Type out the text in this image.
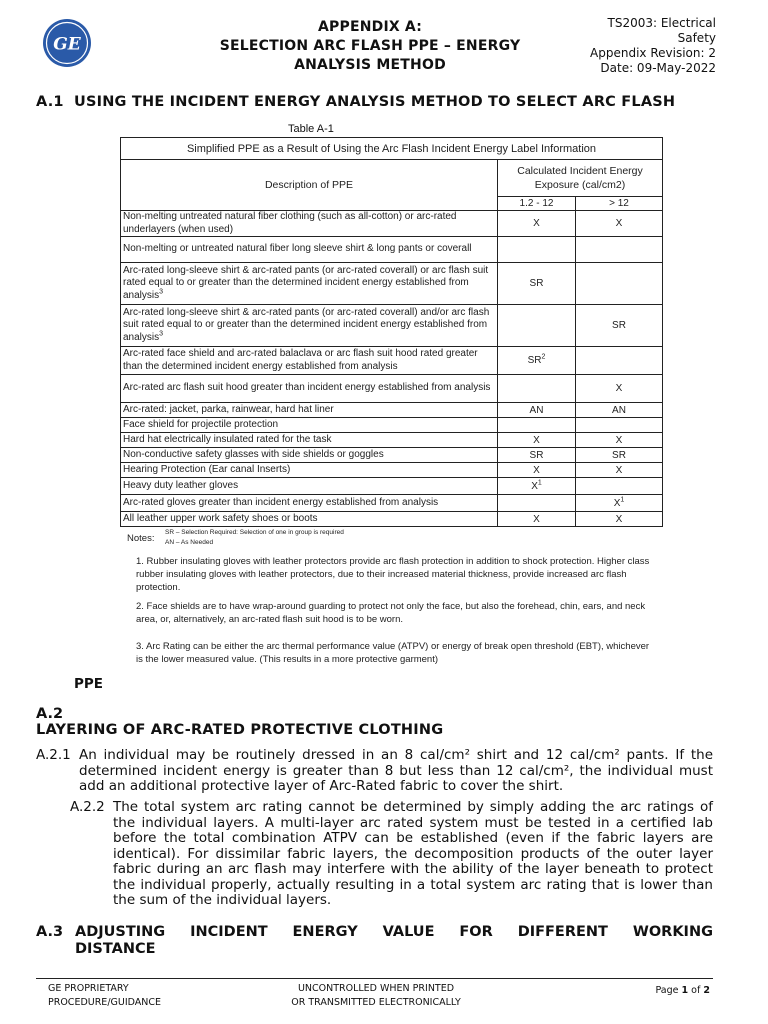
GE
APPENDIX A:
SELECTION ARC FLASH PPE – ENERGY
ANALYSIS METHOD
TS2003: Electrical
Safety
Appendix Revision: 2
Date: 09-May-2022
A.1 USING THE INCIDENT ENERGY ANALYSIS METHOD TO SELECT ARC FLASH
Table A-1
Simplified PPE as a Result of Using the Arc Flash Incident Energy Label Information		
Description of PPE	Calculated Incident Energy Exposure (cal/cm2)	
	1.2 - 12	> 12
Non-melting untreated natural fiber clothing (such as all-cotton) or arc-rated underlayers (when used)	X	X
Non-melting or untreated natural fiber long sleeve shirt & long pants or coverall		
Arc-rated long-sleeve shirt & arc-rated pants (or arc-rated coverall) or arc flash suit rated equal to or greater than the determined incident energy established from analysis$^3$	SR	
Arc-rated long-sleeve shirt & arc-rated pants (or arc-rated coverall) and/or arc flash suit rated equal to or greater than the determined incident energy established from analysis$^3$		SR
Arc-rated face shield and arc-rated balaclava or arc flash suit hood rated greater than the determined incident energy established from analysis	$SR^2$	
Arc-rated arc flash suit hood greater than incident energy established from analysis		X
Arc-rated: jacket, parka, rainwear, hard hat liner	AN	AN
Face shield for projectile protection		
Hard hat electrically insulated rated for the task	X	X
Non-conductive safety glasses with side shields or goggles	SR	SR
Hearing Protection (Ear canal Inserts)	X	X
Heavy duty leather gloves	$X^1$	
Arc-rated gloves greater than incident energy established from analysis		$X^1$
All leather upper work safety shoes or boots	X	X
Notes:
SR – Selection Required: Selection of one in group is required
AN – As Needed
1. Rubber insulating gloves with leather protectors provide arc flash protection in addition to shock protection. Higher class rubber insulating gloves with leather protectors, due to their increased material thickness, provide increased arc flash protection.
2. Face shields are to have wrap-around guarding to protect not only the face, but also the forehead, chin, ears, and neck area, or, alternatively, an arc-rated flash suit hood is to be worn.
3. Arc Rating can be either the arc thermal performance value (ATPV) or energy of break open threshold (EBT), whichever is the lower measured value. (This results in a more protective garment)
PPE
A.2
LAYERING OF ARC-RATED PROTECTIVE CLOTHING
A.2.1 An individual may be routinely dressed in an 8 cal/cm² shirt and 12 cal/cm² pants. If the determined incident energy is greater than 8 but less than 12 cal/cm², the individual must add an additional protective layer of Arc-Rated fabric to cover the shirt.
A.2.2 The total system arc rating cannot be determined by simply adding the arc ratings of the individual layers. A multi-layer arc rated system must be tested in a certified lab before the total combination ATPV can be established (even if the fabric layers are identical). For dissimilar fabric layers, the decomposition products of the outer layer fabric during an arc flash may interfere with the ability of the layer beneath to protect the individual properly, actually resulting in a total system arc rating that is lower than the sum of the individual layers.
A.3 ADJUSTING INCIDENT ENERGY VALUE FOR DIFFERENT WORKING
DISTANCE
GE PROPRIETARY
PROCEDURE/GUIDANCE
UNCONTROLLED WHEN PRINTED
OR TRANSMITTED ELECTRONICALLY
Page 1 of 2
